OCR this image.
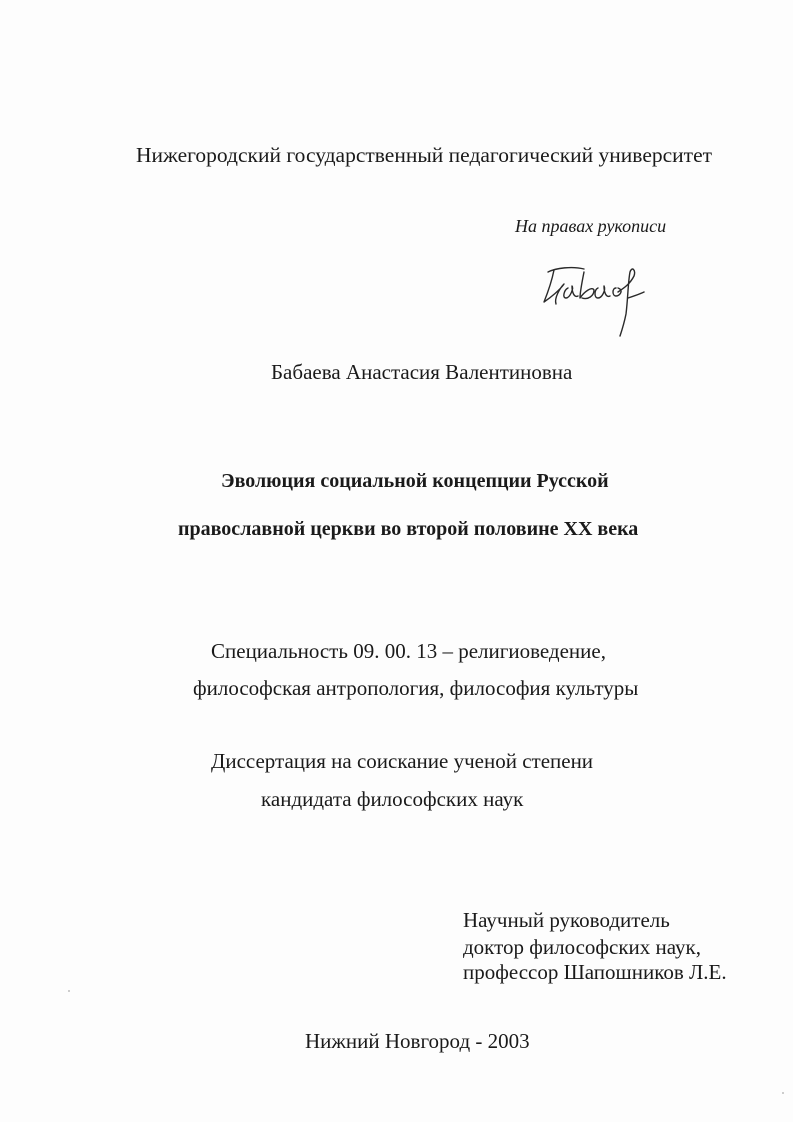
Нижегородский государственный педагогический университет
На правах рукописи
Бабаева Анастасия Валентиновна
Эволюция социальной концепции Русской
православной церкви во второй половине XX века
Специальность 09. 00. 13 – религиоведение,
философская антропология, философия культуры
Диссертация на соискание ученой степени
кандидата философских наук
Научный руководитель
доктор философских наук,
профессор Шапошников Л.Е.
Нижний Новгород - 2003
